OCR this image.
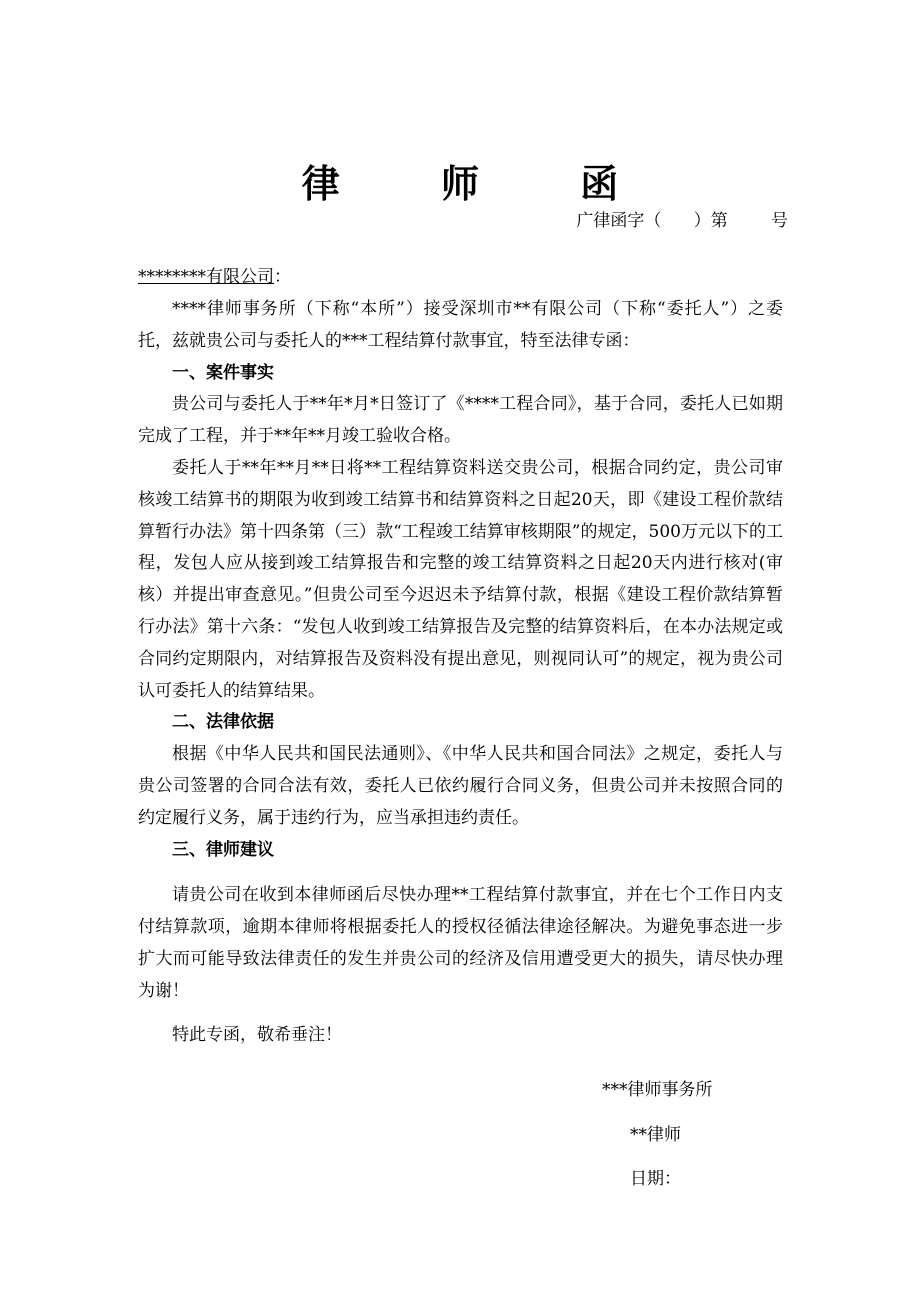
律 师 函
广律函字（      ）第        号
********有限公司：

****律师事务所（下称“本所”）接受深圳市**有限公司（下称“委托人”）之委托，兹就贵公司与委托人的***工程结算付款事宜，特至法律专函：

一、案件事实

贵公司与委托人于**年*月*日签订了《****工程合同》，基于合同，委托人已如期完成了工程，并于**年**月竣工验收合格。

委托人于**年**月**日将**工程结算资料送交贵公司，根据合同约定，贵公司审核竣工结算书的期限为收到竣工结算书和结算资料之日起20天，即《建设工程价款结算暂行办法》第十四条第（三）款“工程竣工结算审核期限”的规定，500万元以下的工程，发包人应从接到竣工结算报告和完整的竣工结算资料之日起20天内进行核对(审核）并提出审查意见。”但贵公司至今迟迟未予结算付款，根据《建设工程价款结算暂行办法》第十六条：“发包人收到竣工结算报告及完整的结算资料后，在本办法规定或合同约定期限内，对结算报告及资料没有提出意见，则视同认可”的规定，视为贵公司认可委托人的结算结果。

二、法律依据

根据《中华人民共和国民法通则》、《中华人民共和国合同法》之规定，委托人与贵公司签署的合同合法有效，委托人已依约履行合同义务，但贵公司并未按照合同的约定履行义务，属于违约行为，应当承担违约责任。

三、律师建议

请贵公司在收到本律师函后尽快办理**工程结算付款事宜，并在七个工作日内支付结算款项，逾期本律师将根据委托人的授权径循法律途径解决。为避免事态进一步扩大而可能导致法律责任的发生并贵公司的经济及信用遭受更大的损失，请尽快办理为谢！

特此专函，敬希垂注！

***律师事务所
**律师
日期：
